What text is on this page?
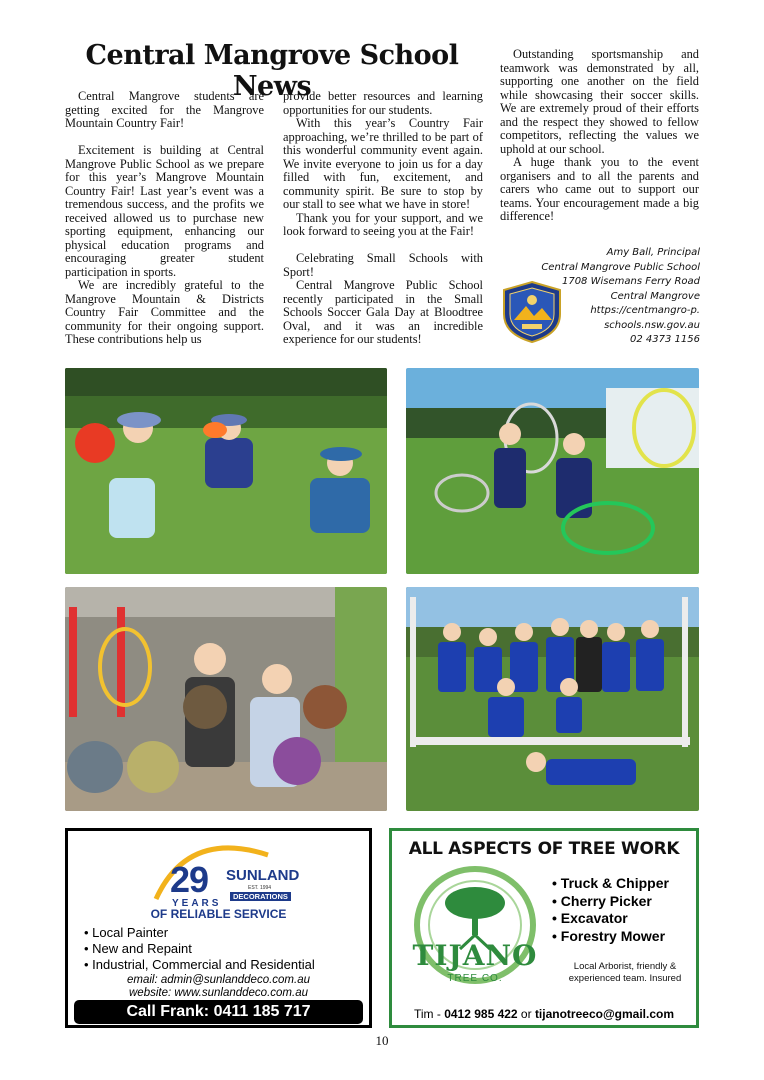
Central Mangrove School News

Central Mangrove students are getting excited for the Mangrove Mountain Country Fair!

Excitement is building at Central Mangrove Public School as we prepare for this year’s Mangrove Mountain Country Fair! Last year’s event was a tremendous success, and the profits we received allowed us to purchase new sporting equipment, enhancing our physical education programs and encouraging greater student participation in sports.

We are incredibly grateful to the Mangrove Mountain & Districts Country Fair Committee and the community for their ongoing support. These contributions help us

provide better resources and learning opportunities for our students.

With this year’s Country Fair approaching, we’re thrilled to be part of this wonderful community event again. We invite everyone to join us for a day filled with fun, excitement, and community spirit. Be sure to stop by our stall to see what we have in store!

Thank you for your support, and we look forward to seeing you at the Fair!

Celebrating Small Schools with Sport!

Central Mangrove Public School recently participated in the Small Schools Soccer Gala Day at Bloodtree Oval, and it was an incredible experience for our students!

Outstanding sportsmanship and teamwork was demonstrated by all, supporting one another on the field while showcasing their soccer skills. We are extremely proud of their efforts and the respect they showed to fellow competitors, reflecting the values we uphold at our school.

A huge thank you to the event organisers and to all the parents and carers who came out to support our teams. Your encouragement made a big difference!

Amy Ball, Principal
Central Mangrove Public School
1708 Wisemans Ferry Road
Central Mangrove
https://centmangro-p.
schools.nsw.gov.au
02 4373 1156
29
YEARS
SUNLAND
EST. 1994
DECORATIONS
OF RELIABLE SERVICE
• Local Painter
• New and Repaint
• Industrial, Commercial and Residential
email: admin@sunlanddeco.com.au
website: www.sunlanddeco.com.au
Call Frank: 0411 185 717
ALL ASPECTS OF TREE WORK
TIJANO
TREE CO.
• Truck & Chipper
• Cherry Picker
• Excavator
• Forestry Mower
Local Arborist, friendly &
experienced team. Insured
Tim - 0412 985 422 or tijanotreeco@gmail.com
10
